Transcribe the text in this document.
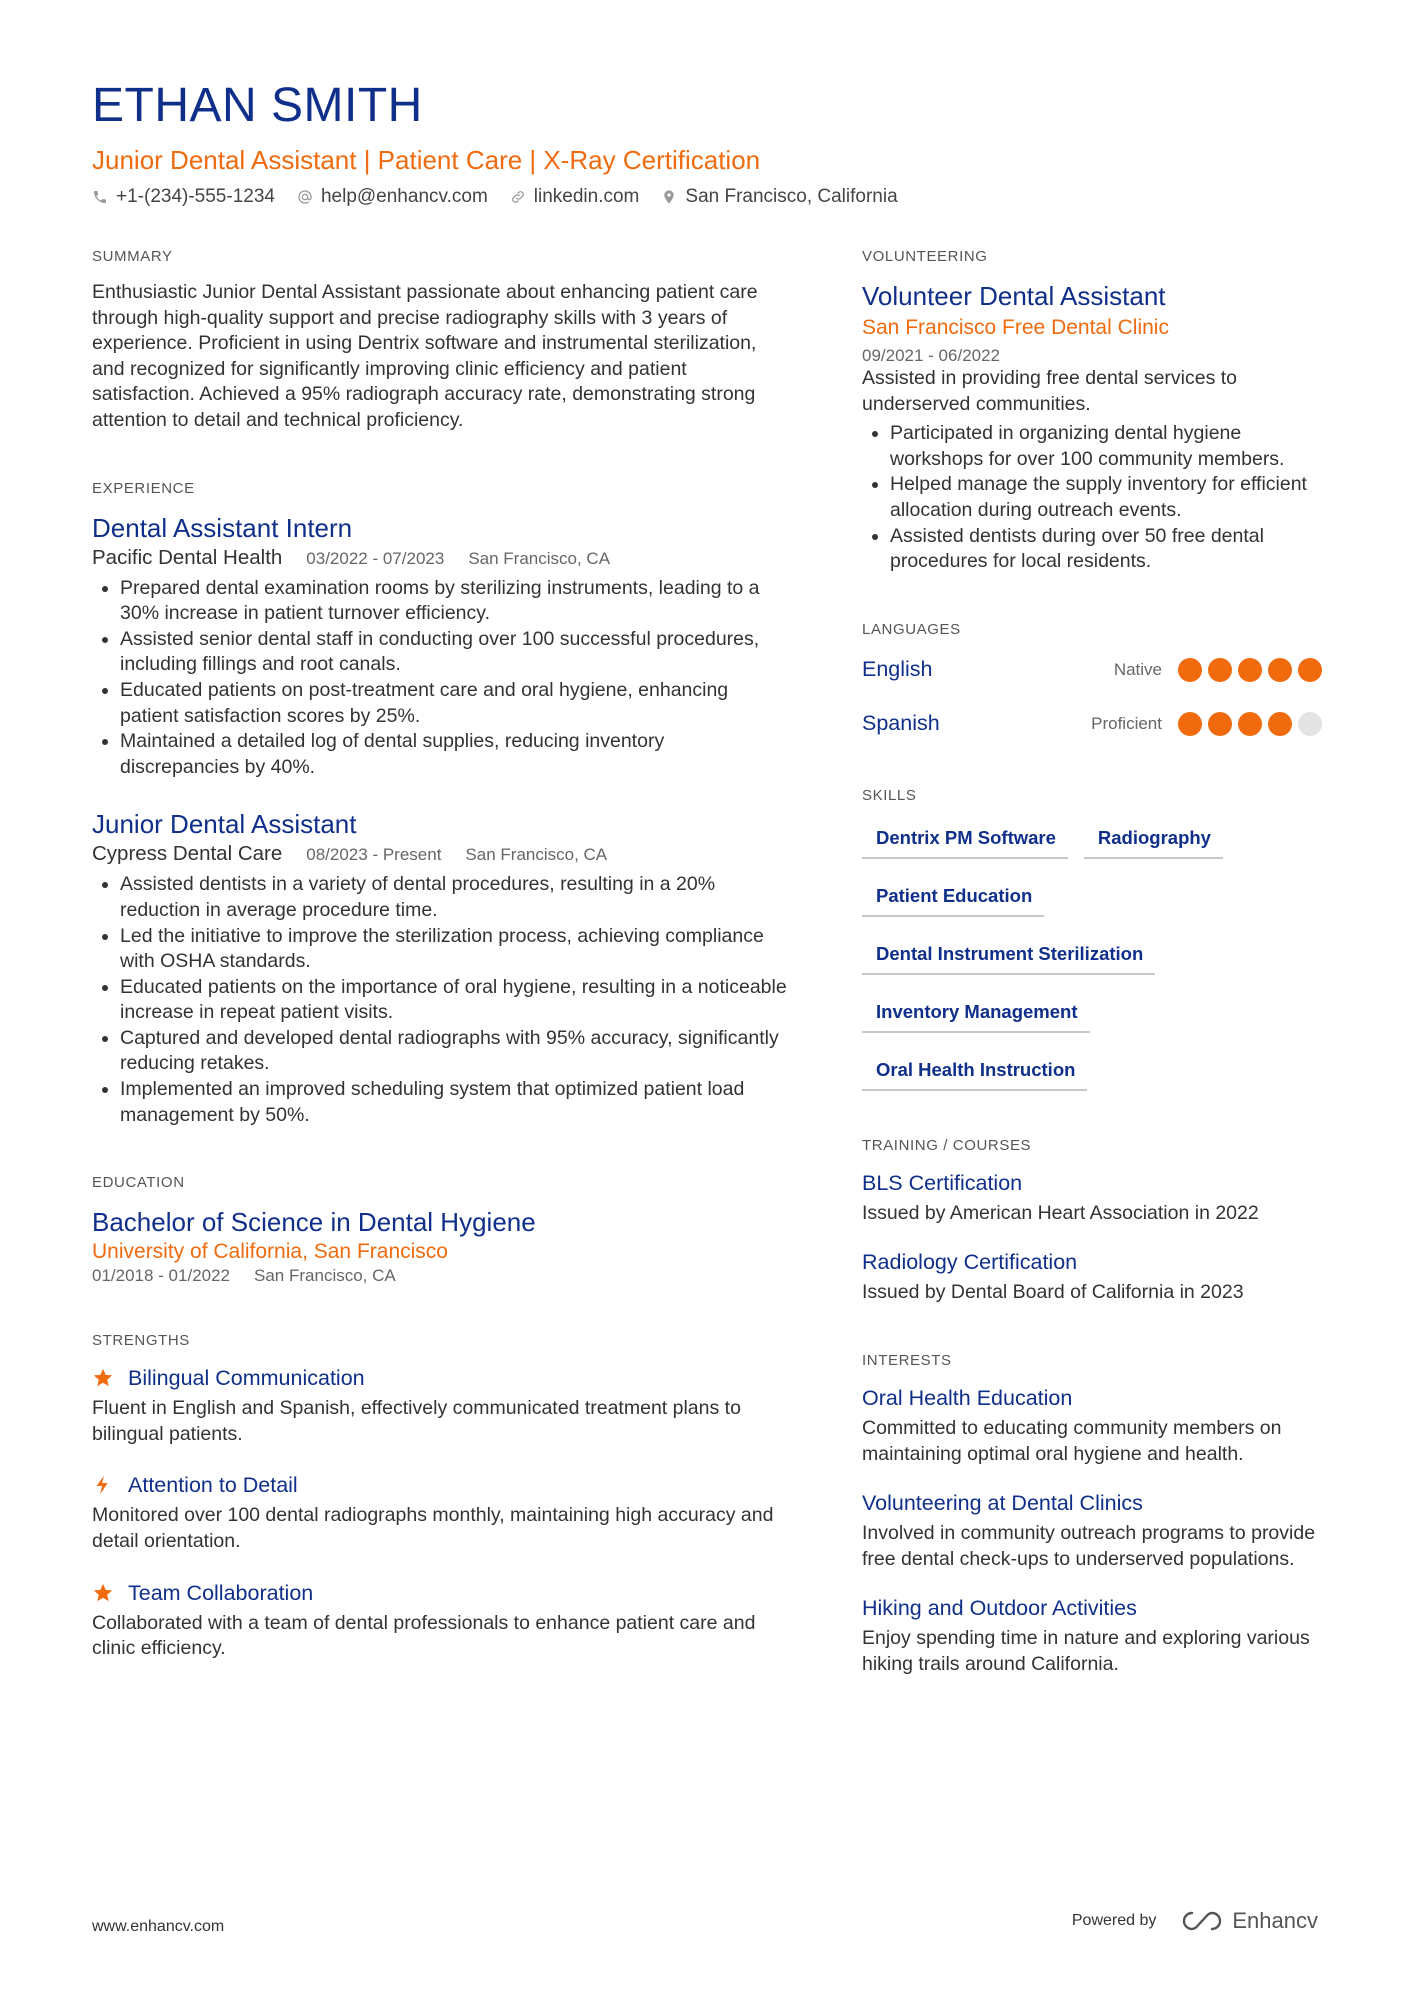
ETHAN SMITH
Junior Dental Assistant | Patient Care | X-Ray Certification
+1-(234)-555-1234 help@enhancv.com linkedin.com San Francisco, California
SUMMARY
Enthusiastic Junior Dental Assistant passionate about enhancing patient care through high-quality support and precise radiography skills with 3 years of experience. Proficient in using Dentrix software and instrumental sterilization, and recognized for significantly improving clinic efficiency and patient satisfaction. Achieved a 95% radiograph accuracy rate, demonstrating strong attention to detail and technical proficiency.
EXPERIENCE
Dental Assistant Intern
Pacific Dental Health 03/2022 - 07/2023 San Francisco, CA
• Prepared dental examination rooms by sterilizing instruments, leading to a 30% increase in patient turnover efficiency.
• Assisted senior dental staff in conducting over 100 successful procedures, including fillings and root canals.
• Educated patients on post-treatment care and oral hygiene, enhancing patient satisfaction scores by 25%.
• Maintained a detailed log of dental supplies, reducing inventory discrepancies by 40%.
Junior Dental Assistant
Cypress Dental Care 08/2023 - Present San Francisco, CA
• Assisted dentists in a variety of dental procedures, resulting in a 20% reduction in average procedure time.
• Led the initiative to improve the sterilization process, achieving compliance with OSHA standards.
• Educated patients on the importance of oral hygiene, resulting in a noticeable increase in repeat patient visits.
• Captured and developed dental radiographs with 95% accuracy, significantly reducing retakes.
• Implemented an improved scheduling system that optimized patient load management by 50%.
EDUCATION
Bachelor of Science in Dental Hygiene
University of California, San Francisco
01/2018 - 01/2022 San Francisco, CA
STRENGTHS
Bilingual Communication
Fluent in English and Spanish, effectively communicated treatment plans to bilingual patients.
Attention to Detail
Monitored over 100 dental radiographs monthly, maintaining high accuracy and detail orientation.
Team Collaboration
Collaborated with a team of dental professionals to enhance patient care and clinic efficiency.
VOLUNTEERING
Volunteer Dental Assistant
San Francisco Free Dental Clinic
09/2021 - 06/2022
Assisted in providing free dental services to underserved communities.
• Participated in organizing dental hygiene workshops for over 100 community members.
• Helped manage the supply inventory for efficient allocation during outreach events.
• Assisted dentists during over 50 free dental procedures for local residents.
LANGUAGES
English	Native
Spanish	Proficient
SKILLS
Dentrix PM Software	Radiography
Patient Education
Dental Instrument Sterilization
Inventory Management
Oral Health Instruction
TRAINING / COURSES
BLS Certification
Issued by American Heart Association in 2022
Radiology Certification
Issued by Dental Board of California in 2023
INTERESTS
Oral Health Education
Committed to educating community members on maintaining optimal oral hygiene and health.
Volunteering at Dental Clinics
Involved in community outreach programs to provide free dental check-ups to underserved populations.
Hiking and Outdoor Activities
Enjoy spending time in nature and exploring various hiking trails around California.
www.enhancv.com	Powered by	Enhancv
